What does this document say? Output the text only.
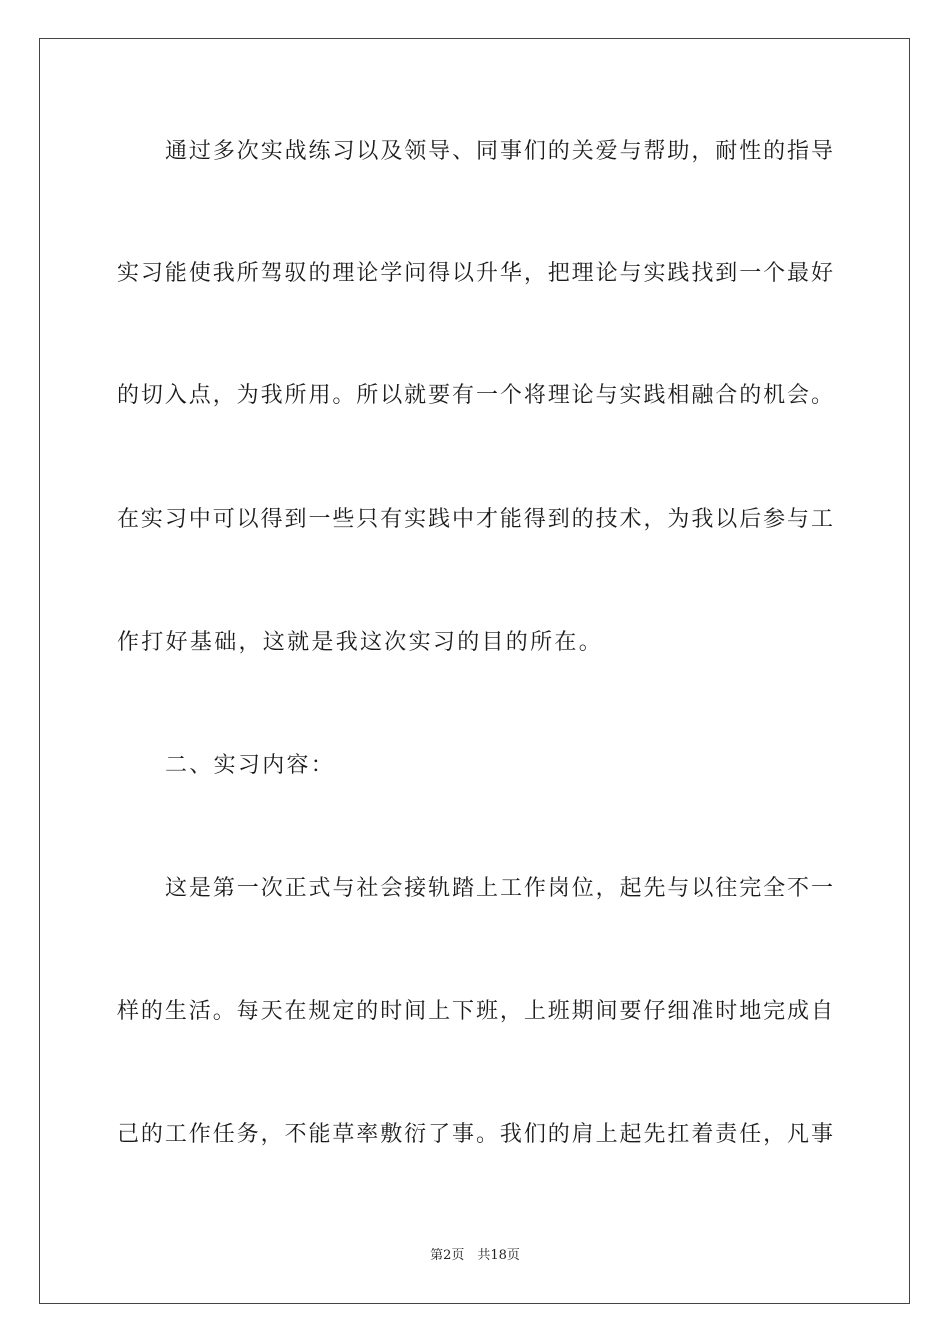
通过多次实战练习以及领导、同事们的关爱与帮助，耐性的指导
实习能使我所驾驭的理论学问得以升华，把理论与实践找到一个最好
的切入点，为我所用。所以就要有一个将理论与实践相融合的机会。
在实习中可以得到一些只有实践中才能得到的技术，为我以后参与工
作打好基础，这就是我这次实习的目的所在。
二、实习内容：
这是第一次正式与社会接轨踏上工作岗位，起先与以往完全不一
样的生活。每天在规定的时间上下班，上班期间要仔细准时地完成自
己的工作任务，不能草率敷衍了事。我们的肩上起先扛着责任，凡事
第2页　共18页
